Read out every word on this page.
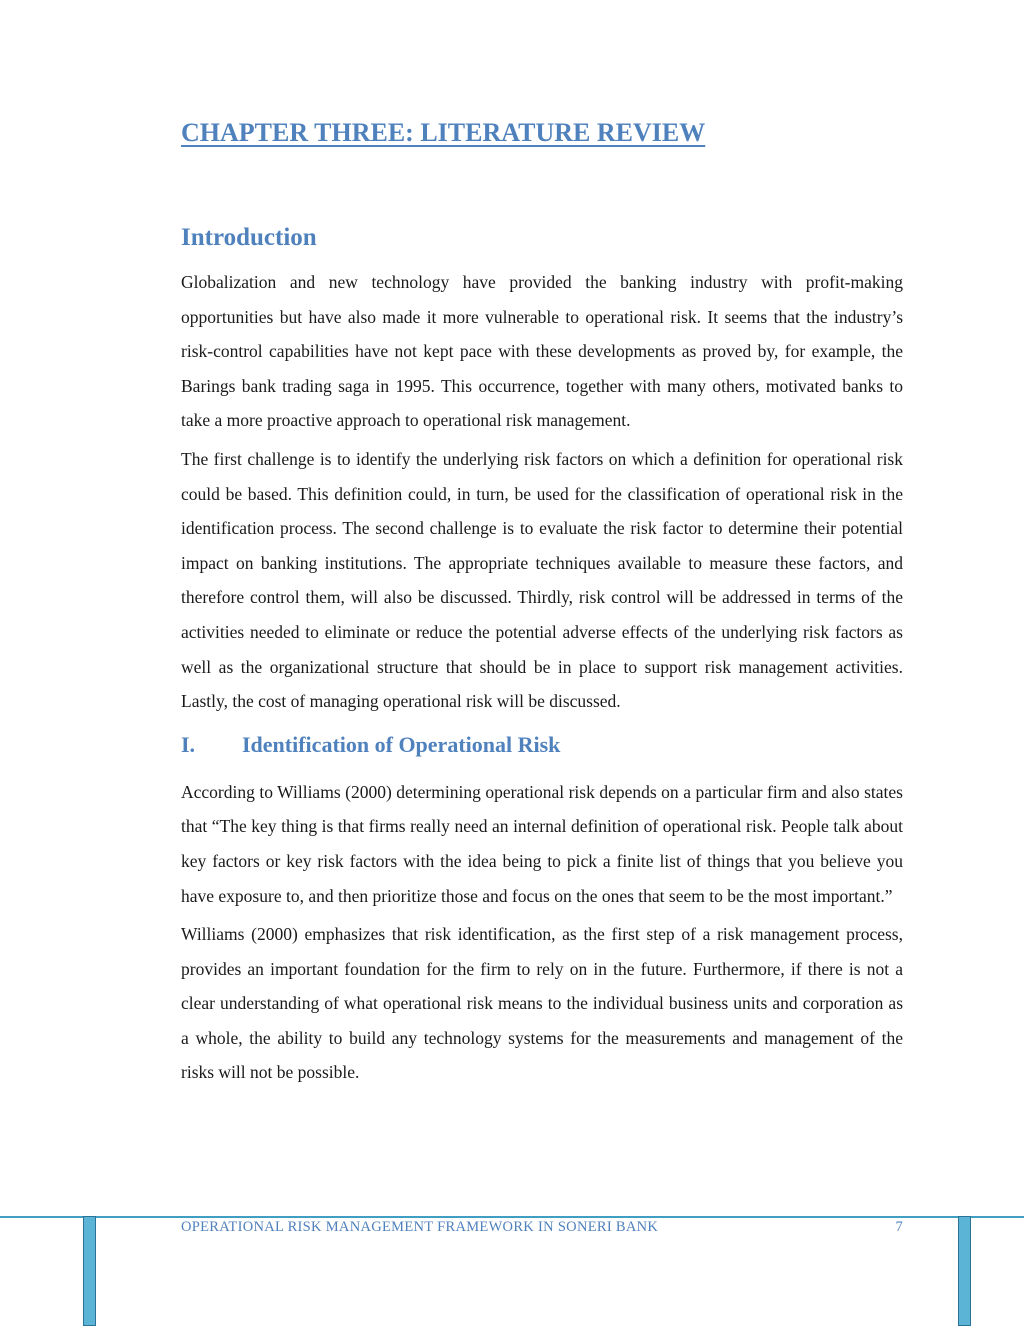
CHAPTER THREE: LITERATURE REVIEW
Introduction

Globalization and new technology have provided the banking industry with profit-making opportunities but have also made it more vulnerable to operational risk. It seems that the industry’s risk-control capabilities have not kept pace with these developments as proved by, for example, the Barings bank trading saga in 1995. This occurrence, together with many others, motivated banks to take a more proactive approach to operational risk management.

The first challenge is to identify the underlying risk factors on which a definition for operational risk could be based. This definition could, in turn, be used for the classification of operational risk in the identification process. The second challenge is to evaluate the risk factor to determine their potential impact on banking institutions. The appropriate techniques available to measure these factors, and therefore control them, will also be discussed. Thirdly, risk control will be addressed in terms of the activities needed to eliminate or reduce the potential adverse effects of the underlying risk factors as well as the organizational structure that should be in place to support risk management activities. Lastly, the cost of managing operational risk will be discussed.

I.	Identification of Operational Risk

According to Williams (2000) determining operational risk depends on a particular firm and also states that “The key thing is that firms really need an internal definition of operational risk. People talk about key factors or key risk factors with the idea being to pick a finite list of things that you believe you have exposure to, and then prioritize those and focus on the ones that seem to be the most important.”

Williams (2000) emphasizes that risk identification, as the first step of a risk management process, provides an important foundation for the firm to rely on in the future. Furthermore, if there is not a clear understanding of what operational risk means to the individual business units and corporation as a whole, the ability to build any technology systems for the measurements and management of the risks will not be possible.

OPERATIONAL RISK MANAGEMENT FRAMEWORK IN SONERI BANK	7
